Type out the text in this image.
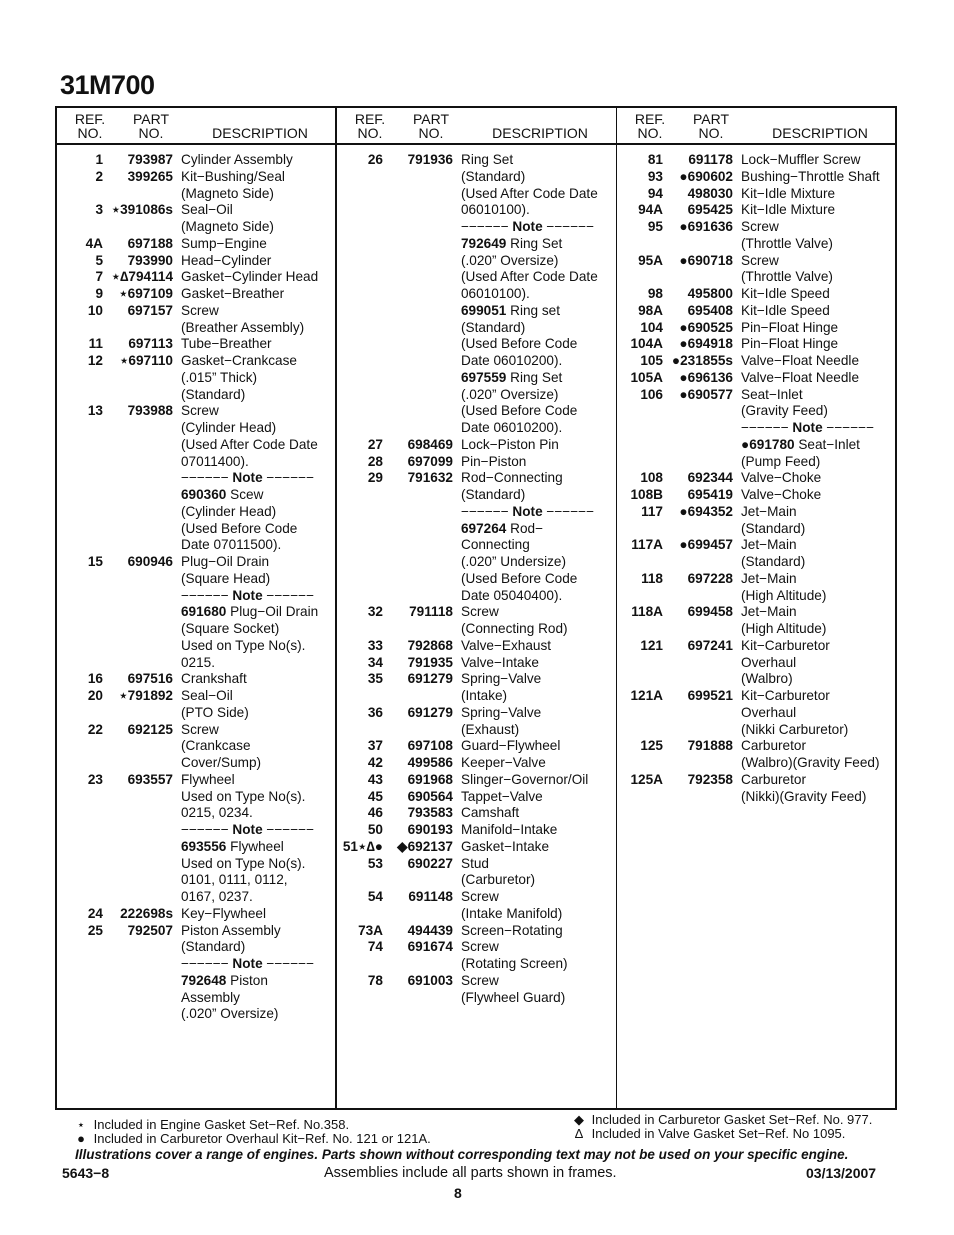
31M700
REF.
NO.
PART
NO.	DESCRIPTION
1	793987 Cylinder Assembly
2	399265 Kit−Bushing/Seal
(Magneto Side)
3 ⋆391086s Seal−Oil
(Magneto Side)
4A	697188 Sump−Engine
5	793990 Head−Cylinder
7 ⋆∆794114 Gasket−Cylinder Head
9	⋆697109 Gasket−Breather
10	697157 Screw
(Breather Assembly)
11	697113 Tube−Breather
12	⋆697110 Gasket−Crankcase
(.015” Thick)
(Standard)
13	793988 Screw
(Cylinder Head)
(Used After Code Date
07011400).
−−−−−− Note −−−−−−
690360 Scew
(Cylinder Head)
(Used Before Code
Date 07011500).
15	690946 Plug−Oil Drain
(Square Head)
−−−−−− Note −−−−−−
691680 Plug−Oil Drain
(Square Socket)
Used on Type No(s).
0215.
16	697516 Crankshaft
20	⋆791892 Seal−Oil
(PTO Side)
22	692125 Screw
(Crankcase
Cover/Sump)
23	693557 Flywheel
Used on Type No(s).
0215, 0234.
−−−−−− Note −−−−−−
693556 Flywheel
Used on Type No(s).
0101, 0111, 0112,
0167, 0237.
24	222698s Key−Flywheel
25	792507 Piston Assembly
(Standard)
−−−−−− Note −−−−−−
792648 Piston
Assembly
(.020” Oversize)
REF.
NO.
PART
NO.	DESCRIPTION
26	791936 Ring Set
(Standard)
(Used After Code Date
06010100).
−−−−−− Note −−−−−−
792649 Ring Set
(.020” Oversize)
(Used After Code Date
06010100).
699051 Ring set
(Standard)
(Used Before Code
Date 06010200).
697559 Ring Set
(.020” Oversize)
(Used Before Code
Date 06010200).
27	698469 Lock−Piston Pin
28	697099 Pin−Piston
29	791632 Rod−Connecting
(Standard)
−−−−−− Note −−−−−−
697264 Rod−
Connecting
(.020” Undersize)
(Used Before Code
Date 05040400).
32	791118 Screw
(Connecting Rod)
33	792868 Valve−Exhaust
34	791935 Valve−Intake
35	691279 Spring−Valve
(Intake)
36	691279 Spring−Valve
(Exhaust)
37	697108 Guard−Flywheel
42	499586 Keeper−Valve
43	691968 Slinger−Governor/Oil
45	690564 Tappet−Valve
46	793583 Camshaft
50	690193 Manifold−Intake
51⋆∆●	◆692137 Gasket−Intake
53	690227 Stud
(Carburetor)
54	691148 Screw
(Intake Manifold)
73A	494439 Screen−Rotating
74	691674 Screw
(Rotating Screen)
78	691003 Screw
(Flywheel Guard)
REF.
NO.
PART
NO.	DESCRIPTION
81	691178 Lock−Muffler Screw
93	●690602 Bushing−Throttle Shaft
94	498030 Kit−Idle Mixture
94A	695425 Kit−Idle Mixture
95	●691636 Screw
(Throttle Valve)
95A	●690718 Screw
(Throttle Valve)
98	495800 Kit−Idle Speed
98A	695408 Kit−Idle Speed
104	●690525 Pin−Float Hinge
104A	●694918 Pin−Float Hinge
105 ●231855s Valve−Float Needle
105A	●696136 Valve−Float Needle
106	●690577 Seat−Inlet
(Gravity Feed)
−−−−−− Note −−−−−−
●691780 Seat−Inlet
(Pump Feed)
108	692344 Valve−Choke
108B	695419 Valve−Choke
117	●694352 Jet−Main
(Standard)
117A	●699457 Jet−Main
(Standard)
118	697228 Jet−Main
(High Altitude)
118A	699458 Jet−Main
(High Altitude)
121	697241 Kit−Carburetor
Overhaul
(Walbro)
121A	699521 Kit−Carburetor
Overhaul
(Nikki Carburetor)
125	791888 Carburetor
(Walbro)(Gravity Feed)
125A	792358 Carburetor
(Nikki)(Gravity Feed)
⋆ Included in Engine Gasket Set−Ref. No.358.
● Included in Carburetor Overhaul Kit−Ref. No. 121 or 121A.
◆ Included in Carburetor Gasket Set−Ref. No. 977.
∆ Included in Valve Gasket Set−Ref. No 1095.
Illustrations cover a range of engines. Parts shown without corresponding text may not be used on your specific engine.
5643−8	Assemblies include all parts shown in frames.	03/13/2007
8
